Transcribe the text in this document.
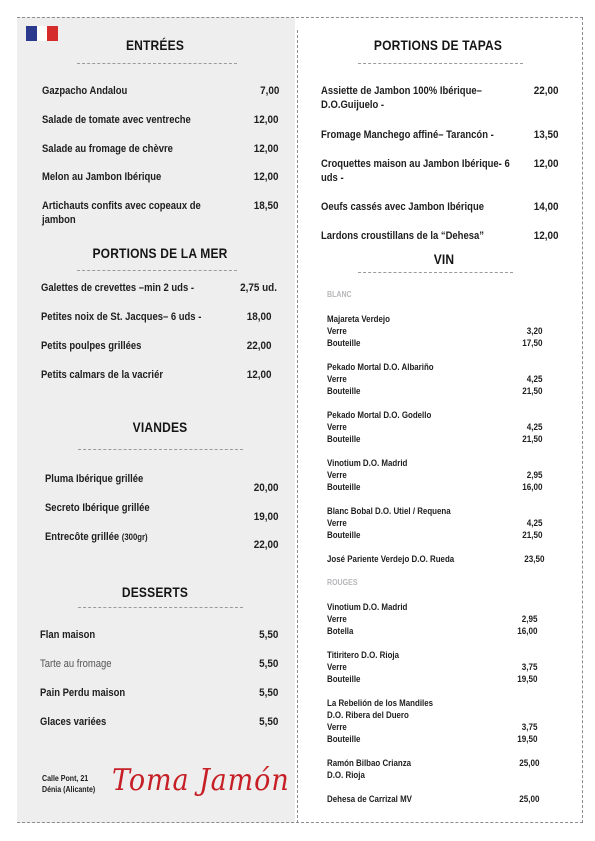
ENTRÉES
Gazpacho Andalou	7,00
Salade de tomate avec ventreche	12,00
Salade au fromage de chèvre	12,00
Melon au Jambon Ibérique	12,00
Artichauts confits avec copeaux de jambon
18,50
PORTIONS DE LA MER
Galettes de crevettes –min 2 uds -	2,75 ud.
Petites noix de St. Jacques– 6 uds -	18,00
Petits poulpes grillées	22,00
Petits calmars de la vacriér	12,00
VIANDES
Pluma Ibérique grillée
20,00
Secreto Ibérique grillée
19,00
Entrecôte grillée (300gr)
22,00
DESSERTS
Flan maison	5,50
Tarte au fromage	5,50
Pain Perdu maison	5,50
Glaces variées	5,50
Calle Pont, 21
Dénia (Alicante) Toma Jamón
PORTIONS DE TAPAS
Assiette de Jambon 100% Ibérique– D.O.Guijuelo -
22,00
Fromage Manchego affiné– Tarancón -	13,50
Croquettes maison au Jambon Ibérique- 6 uds -
12,00
Oeufs cassés avec Jambon Ibérique	14,00
Lardons croustillans de la “Dehesa”	12,00
VIN
BLANC
Majareta Verdejo
Verre	3,20
Bouteille	17,50
Pekado Mortal D.O. Albariño
Verre	4,25
Bouteille	21,50
Pekado Mortal D.O. Godello
Verre	4,25
Bouteille	21,50
Vinotium D.O. Madrid
Verre	2,95
Bouteille	16,00
Blanc Bobal D.O. Utiel / Requena
Verre	4,25
Bouteille	21,50
José Pariente Verdejo D.O. Rueda	23,50
ROUGES
Vinotium D.O. Madrid
Verre	2,95
Botella	16,00
Titiritero D.O. Rioja
Verre	3,75
Bouteille	19,50
La Rebelión de los Mandiles
D.O. Ribera del Duero
Verre	3,75
Bouteille	19,50
Ramón Bilbao Crianza
D.O. Rioja
25,00
Dehesa de Carrizal MV	25,00
